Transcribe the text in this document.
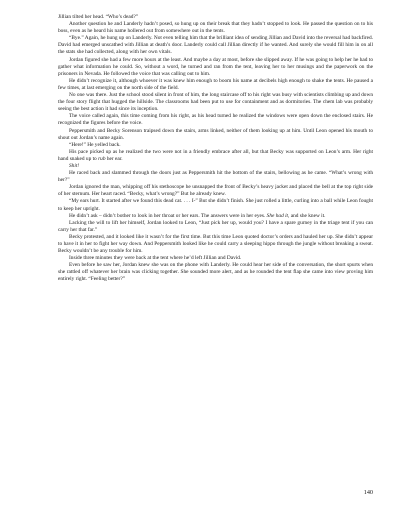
Jillian tilted her head. “Who’s dead?”

Another question he and Landerly hadn’t posed, so hung up on their break that they hadn’t stopped to look. He passed the question on to his boss, even as he heard his name hollered out from somewhere out in the tents.

“Bye.” Again, he hung up on Landerly. Not even telling him that the brilliant idea of sending Jillian and David into the reversal had backfired. David had emerged unscathed with Jillian at death’s door. Landerly could call Jillian directly if he wanted. And surely she would fill him in on all the stats she had collected, along with her own vitals.

Jordan figured she had a few more hours at the least. And maybe a day at most, before she slipped away. If he was going to help her he had to gather what information he could. So, without a word, he turned and ran from the tent, leaving her to her musings and the paperwork on the prisoners in Nevada. He followed the voice that was calling out to him.

He didn’t recognize it, although whoever it was knew him enough to boom his name at decibels high enough to shake the tents. He paused a few times, at last emerging on the north side of the field.

No one was there. Just the school stood silent in front of him, the long staircase off to his right was busy with scientists climbing up and down the four story flight that hugged the hillside. The classrooms had been put to use for containment and as dormitories. The chem lab was probably seeing the best action it had since its inception.

The voice called again, this time coming from his right, as his head turned he realized the windows were open down the enclosed stairs. He recognized the figures before the voice.

Peppersmith and Becky Sorenson traipsed down the stairs, arms linked, neither of them looking up at him. Until Leon opened his mouth to shout out Jordan’s name again.

“Here!” He yelled back.

His pace picked up as he realized the two were not in a friendly embrace after all, but that Becky was supported on Leon’s arm. Her right hand snaked up to rub her ear.

Shit!

He raced back and slammed through the doors just as Peppersmith hit the bottom of the stairs, bellowing as he came. “What’s wrong with her?”

Jordan ignored the man, whipping off his stethoscope he unsnapped the front of Becky’s heavy jacket and placed the bell at the top right side of her sternum. Her heart raced. “Becky, what’s wrong?” But he already knew.

“My ears hurt. It started after we found this dead cat. . . . I-” But she didn’t finish. She just rolled a little, curling into a ball while Leon fought to keep her upright.

He didn’t ask – didn’t bother to look in her throat or her ears. The answers were in her eyes. She had it, and she knew it.

Lacking the will to lift her himself, Jordan looked to Leon, “Just pick her up, would you? I have a spare gurney in the triage tent if you can carry her that far.”

Becky protested, and it looked like it wasn’t for the first time. But this time Leon quoted doctor’s orders and hauled her up. She didn’t appear to have it in her to fight her way down. And Peppersmith looked like he could carry a sleeping hippo through the jungle without breaking a sweat. Becky wouldn’t be any trouble for him.

Inside three minutes they were back at the tent where he’d left Jillian and David.

Even before he saw her, Jordan knew she was on the phone with Landerly. He could hear her side of the conversation, the short spurts when she rattled off whatever her brain was clicking together. She sounded more alert, and as he rounded the tent flap she came into view proving him entirely right. “Feeling better?”

140
